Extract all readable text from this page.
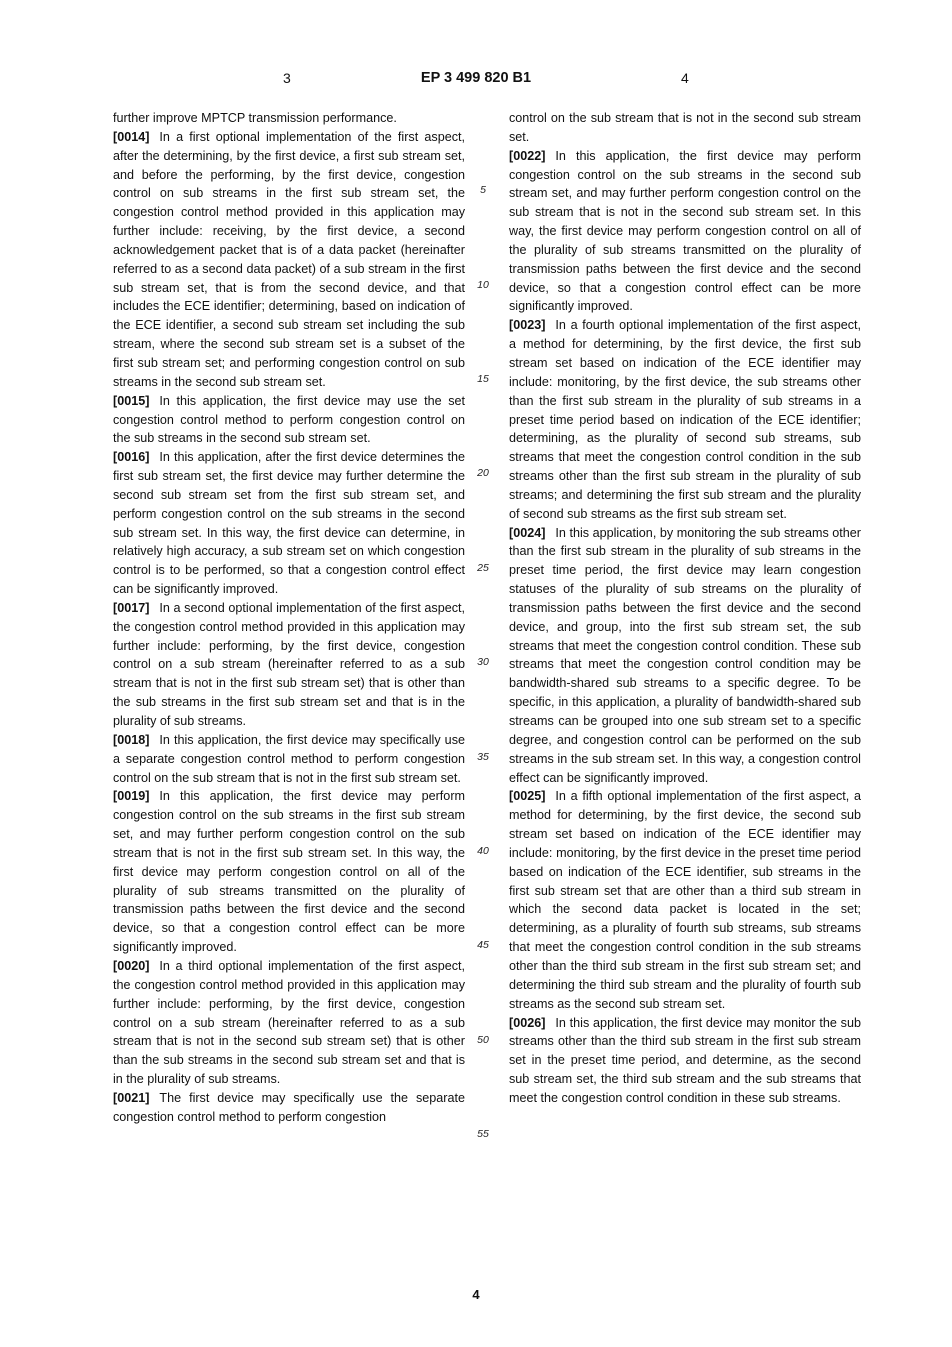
3	EP 3 499 820 B1	4

further improve MPTCP transmission performance.

[0014] In a first optional implementation of the first aspect, after the determining, by the first device, a first sub stream set, and before the performing, by the first device, congestion control on sub streams in the first sub stream set, the congestion control method provided in this application may further include: receiving, by the first device, a second acknowledgement packet that is of a data packet (hereinafter referred to as a second data packet) of a sub stream in the first sub stream set, that is from the second device, and that includes the ECE identifier; determining, based on indication of the ECE identifier, a second sub stream set including the sub stream, where the second sub stream set is a subset of the first sub stream set; and performing congestion control on sub streams in the second sub stream set.

[0015] In this application, the first device may use the set congestion control method to perform congestion control on the sub streams in the second sub stream set.

[0016] In this application, after the first device determines the first sub stream set, the first device may further determine the second sub stream set from the first sub stream set, and perform congestion control on the sub streams in the second sub stream set. In this way, the first device can determine, in relatively high accuracy, a sub stream set on which congestion control is to be performed, so that a congestion control effect can be significantly improved.

[0017] In a second optional implementation of the first aspect, the congestion control method provided in this application may further include: performing, by the first device, congestion control on a sub stream (hereinafter referred to as a sub stream that is not in the first sub stream set) that is other than the sub streams in the first sub stream set and that is in the plurality of sub streams.

[0018] In this application, the first device may specifically use a separate congestion control method to perform congestion control on the sub stream that is not in the first sub stream set.

[0019] In this application, the first device may perform congestion control on the sub streams in the first sub stream set, and may further perform congestion control on the sub stream that is not in the first sub stream set. In this way, the first device may perform congestion control on all of the plurality of sub streams transmitted on the plurality of transmission paths between the first device and the second device, so that a congestion control effect can be more significantly improved.

[0020] In a third optional implementation of the first aspect, the congestion control method provided in this application may further include: performing, by the first device, congestion control on a sub stream (hereinafter referred to as a sub stream that is not in the second sub stream set) that is other than the sub streams in the second sub stream set and that is in the plurality of sub streams.

[0021] The first device may specifically use the separate congestion control method to perform congestion

5
10
15
20
25
30
35
40
45
50
55

control on the sub stream that is not in the second sub stream set.

[0022] In this application, the first device may perform congestion control on the sub streams in the second sub stream set, and may further perform congestion control on the sub stream that is not in the second sub stream set. In this way, the first device may perform congestion control on all of the plurality of sub streams transmitted on the plurality of transmission paths between the first device and the second device, so that a congestion control effect can be more significantly improved.

[0023] In a fourth optional implementation of the first aspect, a method for determining, by the first device, the first sub stream set based on indication of the ECE identifier may include: monitoring, by the first device, the sub streams other than the first sub stream in the plurality of sub streams in a preset time period based on indication of the ECE identifier; determining, as the plurality of second sub streams, sub streams that meet the congestion control condition in the sub streams other than the first sub stream in the plurality of sub streams; and determining the first sub stream and the plurality of second sub streams as the first sub stream set.

[0024] In this application, by monitoring the sub streams other than the first sub stream in the plurality of sub streams in the preset time period, the first device may learn congestion statuses of the plurality of sub streams on the plurality of transmission paths between the first device and the second device, and group, into the first sub stream set, the sub streams that meet the congestion control condition. These sub streams that meet the congestion control condition may be bandwidth-shared sub streams to a specific degree. To be specific, in this application, a plurality of bandwidth-shared sub streams can be grouped into one sub stream set to a specific degree, and congestion control can be performed on the sub streams in the sub stream set. In this way, a congestion control effect can be significantly improved.

[0025] In a fifth optional implementation of the first aspect, a method for determining, by the first device, the second sub stream set based on indication of the ECE identifier may include: monitoring, by the first device in the preset time period based on indication of the ECE identifier, sub streams in the first sub stream set that are other than a third sub stream in which the second data packet is located in the set; determining, as a plurality of fourth sub streams, sub streams that meet the congestion control condition in the sub streams other than the third sub stream in the first sub stream set; and determining the third sub stream and the plurality of fourth sub streams as the second sub stream set.

[0026] In this application, the first device may monitor the sub streams other than the third sub stream in the first sub stream set in the preset time period, and determine, as the second sub stream set, the third sub stream and the sub streams that meet the congestion control condition in these sub streams.

4
